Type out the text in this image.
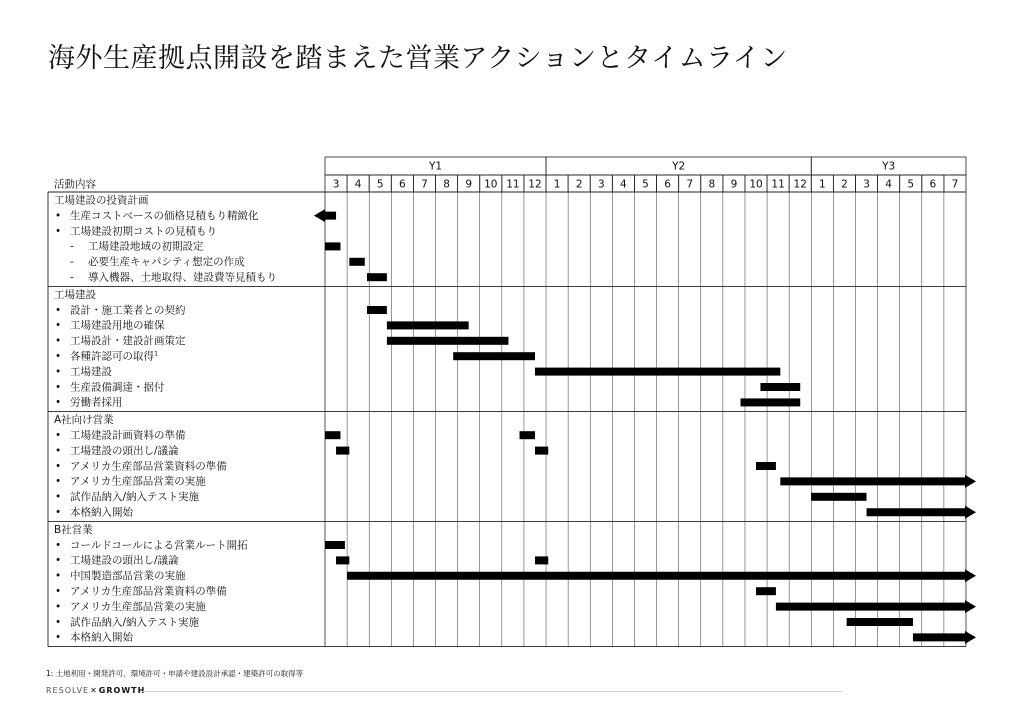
海外生産拠点開設を踏まえた営業アクションとタイムライン
Y1	Y2	Y3
3 4 5 6 7 8 9 10 11 12 1 2 3 4 5 6 7 8 9 10 11 12 1 2 3 4 5 6 7
活動内容
工場建設の投資計画
工場建設
A社向け営業
B社営業
• 生産コストベースの価格見積もり精緻化
• 工場建設初期コストの見積もり
- 工場建設地域の初期設定
- 必要生産キャパシティ想定の作成
- 導入機器、土地取得、建設費等見積もり
• 設計・施工業者との契約
• 工場建設用地の確保
• 工場設計・建設計画策定
• 各種許認可の取得$^1$
• 工場建設
• 生産設備調達・据付
• 労働者採用
• 工場建設計画資料の準備
• 工場建設の頭出し/議論
• アメリカ生産部品営業資料の準備
• アメリカ生産部品営業の実施
• 試作品納入/納入テスト実施
• 本格納入開始
• コールドコールによる営業ルート開拓
• 工場建設の頭出し/議論
• 中国製造部品営業の実施
• アメリカ生産部品営業資料の準備
• アメリカ生産部品営業の実施
• 試作品納入/納入テスト実施
• 本格納入開始
1: 土地利用・開発許可、環境許可・申請や建設設計承認・建築許可の取得等
RESOLVE✕GROWTH
